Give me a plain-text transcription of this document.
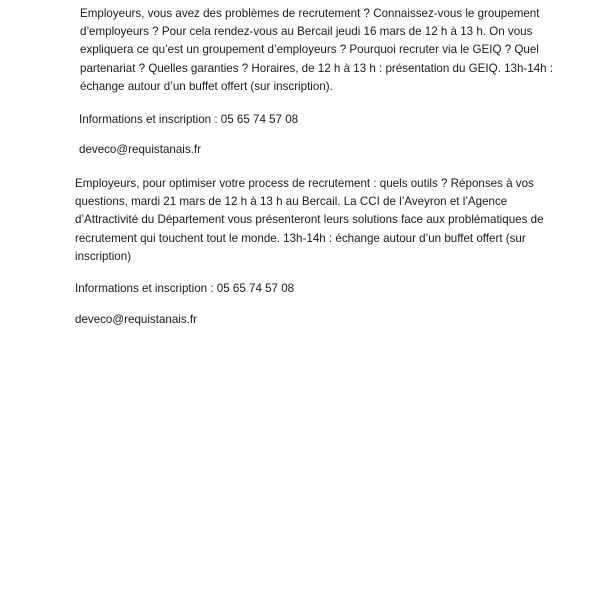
Employeurs, vous avez des problèmes de recrutement ? Connaissez-vous le groupement
d’employeurs ? Pour cela rendez-vous au Bercail jeudi 16 mars de 12 h à 13 h. On vous
expliquera ce qu’est un groupement d’employeurs ? Pourquoi recruter via le GEIQ ? Quel
partenariat ? Quelles garanties ? Horaires, de 12 h à 13 h : présentation du GEIQ. 13h-14h :
échange autour d’un buffet offert (sur inscription).

Informations et inscription : 05 65 74 57 08

deveco@requistanais.fr

Employeurs, pour optimiser votre process de recrutement : quels outils ? Réponses à vos
questions, mardi 21 mars de 12 h à 13 h au Bercail. La CCI de l’Aveyron et l’Agence
d’Attractivité du Département vous présenteront leurs solutions face aux problématiques de
recrutement qui touchent tout le monde. 13h-14h : échange autour d’un buffet offert (sur
inscription)

Informations et inscription : 05 65 74 57 08

deveco@requistanais.fr
